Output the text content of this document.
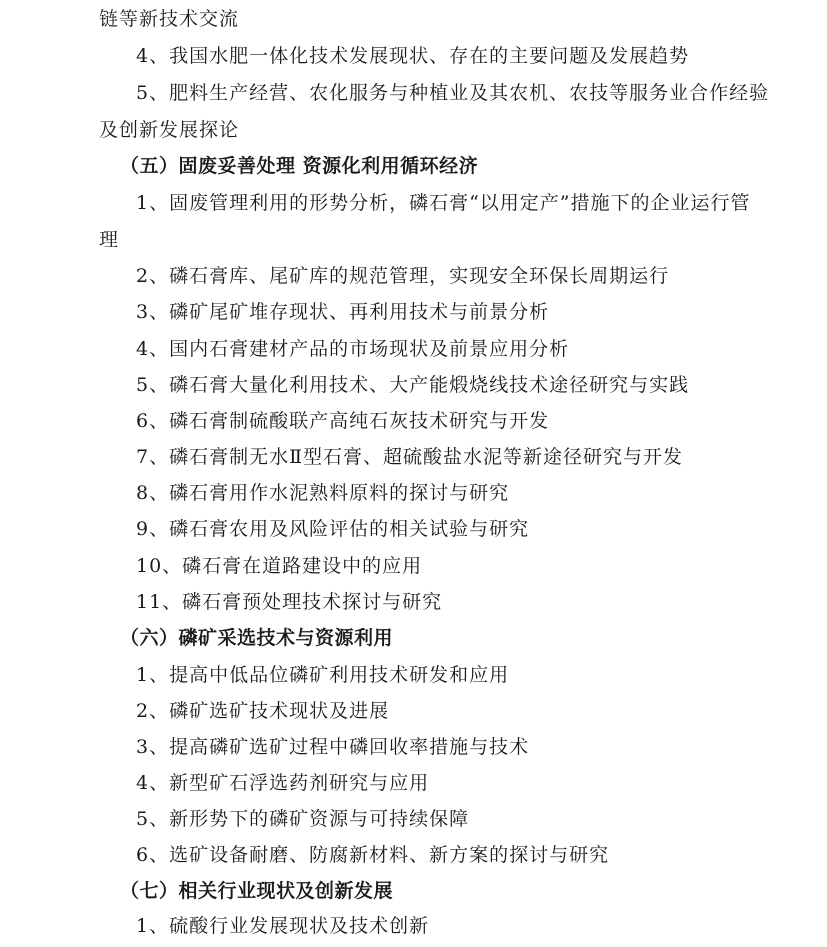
链等新技术交流
4、我国水肥一体化技术发展现状、存在的主要问题及发展趋势
5、肥料生产经营、农化服务与种植业及其农机、农技等服务业合作经验
及创新发展探论
（五）固废妥善处理 资源化利用循环经济
1、固废管理利用的形势分析，磷石膏“以用定产”措施下的企业运行管
理
2、磷石膏库、尾矿库的规范管理，实现安全环保长周期运行
3、磷矿尾矿堆存现状、再利用技术与前景分析
4、国内石膏建材产品的市场现状及前景应用分析
5、磷石膏大量化利用技术、大产能煅烧线技术途径研究与实践
6、磷石膏制硫酸联产高纯石灰技术研究与开发
7、磷石膏制无水Ⅱ型石膏、超硫酸盐水泥等新途径研究与开发
8、磷石膏用作水泥熟料原料的探讨与研究
9、磷石膏农用及风险评估的相关试验与研究
10、磷石膏在道路建设中的应用
11、磷石膏预处理技术探讨与研究
（六）磷矿采选技术与资源利用
1、提高中低品位磷矿利用技术研发和应用
2、磷矿选矿技术现状及进展
3、提高磷矿选矿过程中磷回收率措施与技术
4、新型矿石浮选药剂研究与应用
5、新形势下的磷矿资源与可持续保障
6、选矿设备耐磨、防腐新材料、新方案的探讨与研究
（七）相关行业现状及创新发展
1、硫酸行业发展现状及技术创新
